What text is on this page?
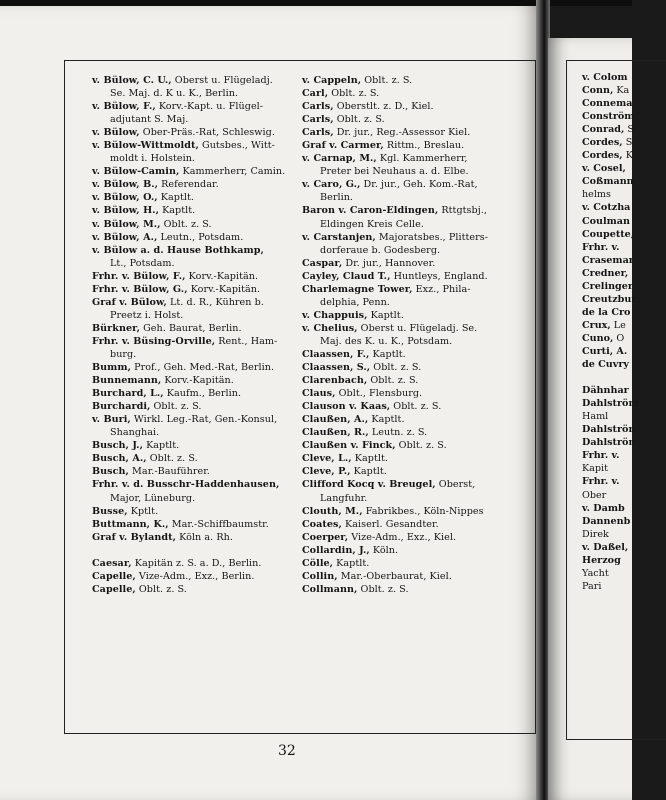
v. Bülow, C. U., Oberst u. Flügeladj.
Se. Maj. d. K u. K., Berlin.
v. Bülow, F., Korv.-Kapt. u. Flügel-
adjutant S. Maj.
v. Bülow, Ober-Präs.-Rat, Schleswig.
v. Bülow-Wittmoldt, Gutsbes., Witt-
moldt i. Holstein.
v. Bülow-Camin, Kammerherr, Camin.
v. Bülow, B., Referendar.
v. Bülow, O., Kaptlt.
v. Bülow, H., Kaptlt.
v. Bülow, M., Oblt. z. S.
v. Bülow, A., Leutn., Potsdam.
v. Bülow a. d. Hause Bothkamp,
Lt., Potsdam.
Frhr. v. Bülow, F., Korv.-Kapitän.
Frhr. v. Bülow, G., Korv.-Kapitän.
Graf v. Bülow, Lt. d. R., Kühren b.
Preetz i. Holst.
Bürkner, Geh. Baurat, Berlin.
Frhr. v. Büsing-Orville, Rent., Ham-
burg.
Bumm, Prof., Geh. Med.-Rat, Berlin.
Bunnemann, Korv.-Kapitän.
Burchard, L., Kaufm., Berlin.
Burchardi, Oblt. z. S.
v. Buri, Wirkl. Leg.-Rat, Gen.-Konsul,
Shanghai.
Busch, J., Kaptlt.
Busch, A., Oblt. z. S.
Busch, Mar.-Bauführer.
Frhr. v. d. Busschr-Haddenhausen,
Major, Lüneburg.
Busse, Kptlt.
Buttmann, K., Mar.-Schiffbaumstr.
Graf v. Bylandt, Köln a. Rh.
Caesar, Kapitän z. S. a. D., Berlin.
Capelle, Vize-Adm., Exz., Berlin.
Capelle, Oblt. z. S.
v. Cappeln, Oblt. z. S.
Carl, Oblt. z. S.
Carls, Oberstlt. z. D., Kiel.
Carls, Oblt. z. S.
Carls, Dr. jur., Reg.-Assessor Kiel.
Graf v. Carmer, Rittm., Breslau.
v. Carnap, M., Kgl. Kammerherr,
Preter bei Neuhaus a. d. Elbe.
v. Caro, G., Dr. jur., Geh. Kom.-Rat,
Berlin.
Baron v. Caron-Eldingen, Rttgtsbj.,
Eldingen Kreis Celle.
v. Carstanjen, Majoratsbes., Plitters-
dorferaue b. Godesberg.
Caspar, Dr. jur., Hannover.
Cayley, Claud T., Huntleys, England.
Charlemagne Tower, Exz., Phila-
delphia, Penn.
v. Chappuis, Kaptlt.
v. Chelius, Oberst u. Flügeladj. Se.
Maj. des K. u. K., Potsdam.
Claassen, F., Kaptlt.
Claassen, S., Oblt. z. S.
Clarenbach, Oblt. z. S.
Claus, Oblt., Flensburg.
Clauson v. Kaas, Oblt. z. S.
Claußen, A., Kaptlt.
Claußen, R., Leutn. z. S.
Claußen v. Finck, Oblt. z. S.
Cleve, L., Kaptlt.
Cleve, P., Kaptlt.
Clifford Kocq v. Breugel, Oberst,
Langfuhr.
Clouth, M., Fabrikbes., Köln-Nippes
Coates, Kaiserl. Gesandter.
Coerper, Vize-Adm., Exz., Kiel.
Collardin, J., Köln.
Cölle, Kaptlt.
Collin, Mar.-Oberbaurat, Kiel.
Collmann, Oblt. z. S.
32
v. Colom
Conn, Ka
Connema
Conström
Conrad, S
Cordes, S
Cordes, K
v. Cosel,
Coßmann
helms
v. Cotzha
Coulman
Coupette,
Frhr. v.
Crasemar
Credner,
Crelinger
Creutzbur
de la Cro
Crux, Le
Cuno, O
Curti, A.
de Cuvry

Dähnhar
Dahlström
Haml
Dahlströn
Dahlströn
Frhr. v.
Kapit
Frhr. v.
Ober
v. Damb
Dannenb
Direk
v. Daßel,
Herzog
Yacht
Pari
